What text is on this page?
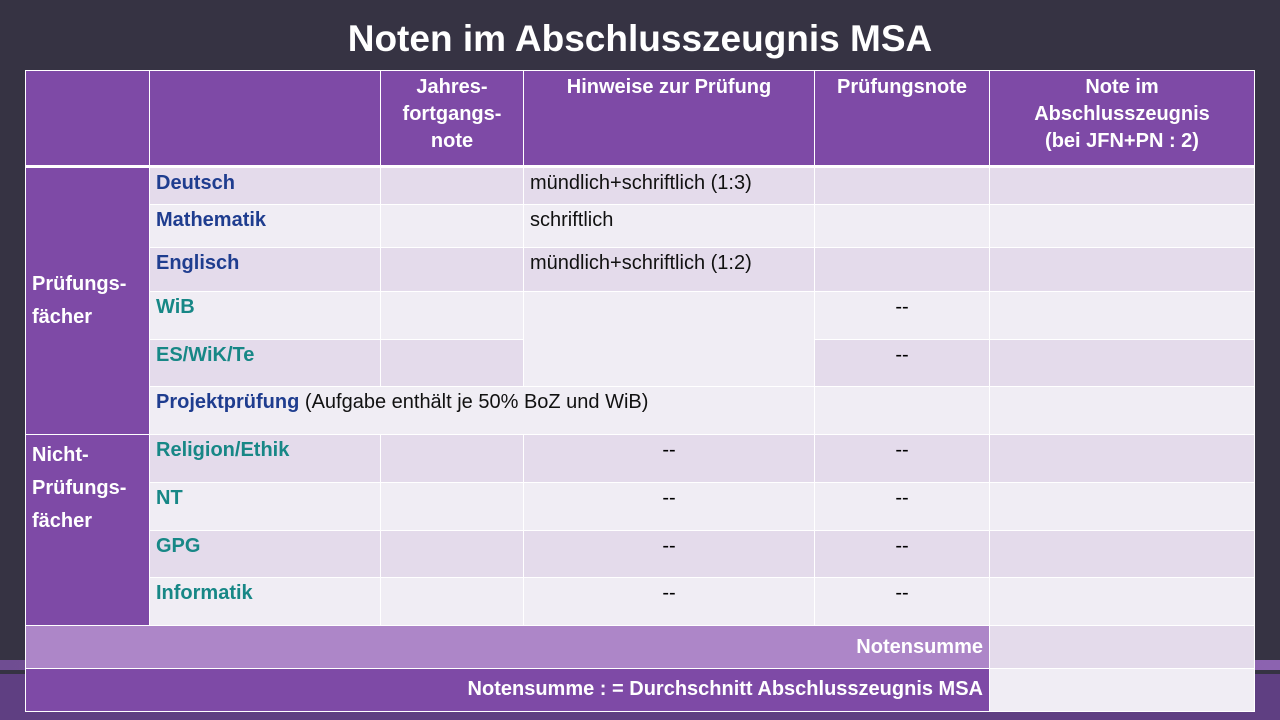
Noten im Abschlusszeugnis MSA
		Jahres-
fortgangs-
note	Hinweise zur Prüfung	Prüfungsnote	Note im
Abschlusszeugnis
(bei JFN+PN : 2)
Prüfungs-
fächer	Deutsch		mündlich+schriftlich (1:3)		
	Mathematik		schriftlich		
	Englisch		mündlich+schriftlich (1:2)		
	WiB			--	
	ES/WiK/Te			--	
	Projektprüfung (Aufgabe enthält je 50% BoZ und WiB)				
Nicht-
Prüfungs-
fächer	Religion/Ethik		--	--	
	NT		--	--	
	GPG		--	--	
	Informatik		--	--	
Notensumme					
Notensumme : = Durchschnitt Abschlusszeugnis MSA					
